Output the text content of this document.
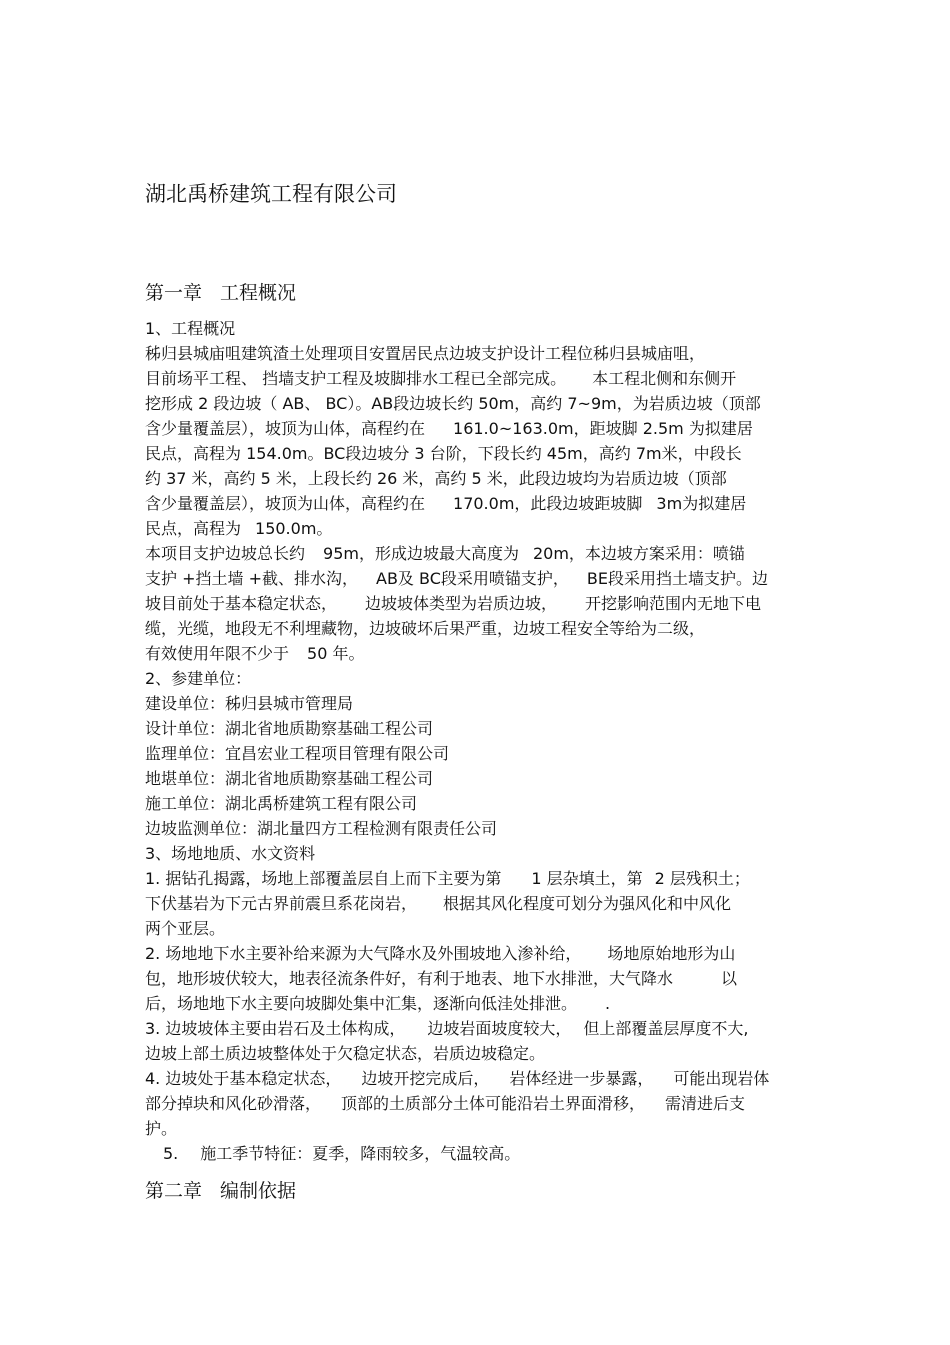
湖北禹桥建筑工程有限公司
第一章 工程概况

1、工程概况

秭归县城庙咀建筑渣土处理项目安置居民点边坡支护设计工程位秭归县城庙咀，

目前场平工程、 挡墙支护工程及坡脚排水工程已全部完成。 本工程北侧和东侧开

挖形成 2 段边坡（ AB、 BC）。AB段边坡长约 50m，高约 7~9m，为岩质边坡（顶部

含少量覆盖层），坡顶为山体，高程约在 161.0~163.0m，距坡脚 2.5m 为拟建居

民点，高程为 154.0m。BC段边坡分 3 台阶，下段长约 45m，高约 7m米，中段长

约 37 米，高约 5 米，上段长约 26 米，高约 5 米，此段边坡均为岩质边坡（顶部

含少量覆盖层），坡顶为山体，高程约在 170.0m，此段边坡距坡脚 3m为拟建居

民点，高程为 150.0m。

本项目支护边坡总长约 95m，形成边坡最大高度为 20m，本边坡方案采用：喷锚

支护 +挡土墙 +截、排水沟， AB及 BC段采用喷锚支护， BE段采用挡土墙支护。边

坡目前处于基本稳定状态， 边坡坡体类型为岩质边坡， 开挖影响范围内无地下电

缆，光缆，地段无不利埋藏物，边坡破坏后果严重，边坡工程安全等给为二级，

有效使用年限不少于 50 年。

2、参建单位：

建设单位：秭归县城市管理局

设计单位：湖北省地质勘察基础工程公司

监理单位：宜昌宏业工程项目管理有限公司

地堪单位：湖北省地质勘察基础工程公司

施工单位：湖北禹桥建筑工程有限公司

边坡监测单位：湖北量四方工程检测有限责任公司

3、场地地质、水文资料

1. 据钻孔揭露，场地上部覆盖层自上而下主要为第 1 层杂填土，第 2 层残积土；

下伏基岩为下元古界前震旦系花岗岩， 根据其风化程度可划分为强风化和中风化

两个亚层。

2. 场地地下水主要补给来源为大气降水及外围坡地入渗补给， 场地原始地形为山

包，地形坡伏较大，地表径流条件好，有利于地表、地下水排泄，大气降水	以

后，场地地下水主要向坡脚处集中汇集，逐渐向低洼处排泄。 .

3. 边坡坡体主要由岩石及土体构成， 边坡岩面坡度较大， 但上部覆盖层厚度不大,

边坡上部土质边坡整体处于欠稳定状态，岩质边坡稳定。

4. 边坡处于基本稳定状态， 边坡开挖完成后， 岩体经进一步暴露， 可能出现岩体

部分掉块和风化砂滑落， 顶部的土质部分土体可能沿岩土界面滑移， 需清进后支

护。

5. 施工季节特征：夏季，降雨较多，气温较高。

第二章 编制依据
